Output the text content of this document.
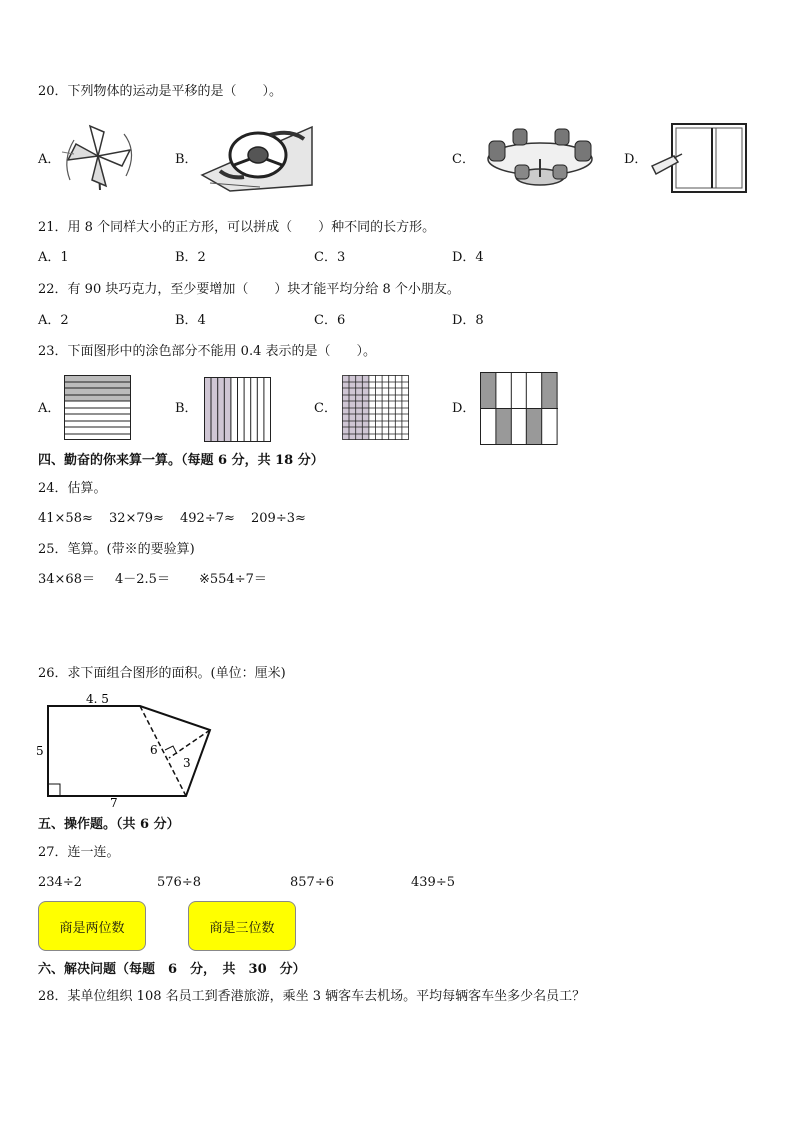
20．下列物体的运动是平移的是（　　）。
A．	B．	C．	D．
21．用 8 个同样大小的正方形，可以拼成（　　）种不同的长方形。
A．1	B．2	C．3	D．4
22．有 90 块巧克力，至少要增加（　　）块才能平均分给 8 个小朋友。
A．2	B．4	C．6	D．8
23．下面图形中的涂色部分不能用 0.4 表示的是（　　）。
A．	B．	C．	D．
四、勤奋的你来算一算。（每题 6 分，共 18 分）
24．估算。
41×58≈ 32×79≈ 492÷7≈ 209÷3≈
25．笔算。(带※的要验算)
34×68＝ 4－2.5＝ ※554÷7＝
26．求下面组合图形的面积。(单位：厘米)
4. 5
5	6
3
7
五、操作题。（共 6 分）
27．连一连。
234÷2	576÷8	857÷6	439÷5
商是两位数	商是三位数
六、解决问题（每题　6　分，　共　30　分）
28．某单位组织 108 名员工到香港旅游，乘坐 3 辆客车去机场。平均每辆客车坐多少名员工？
